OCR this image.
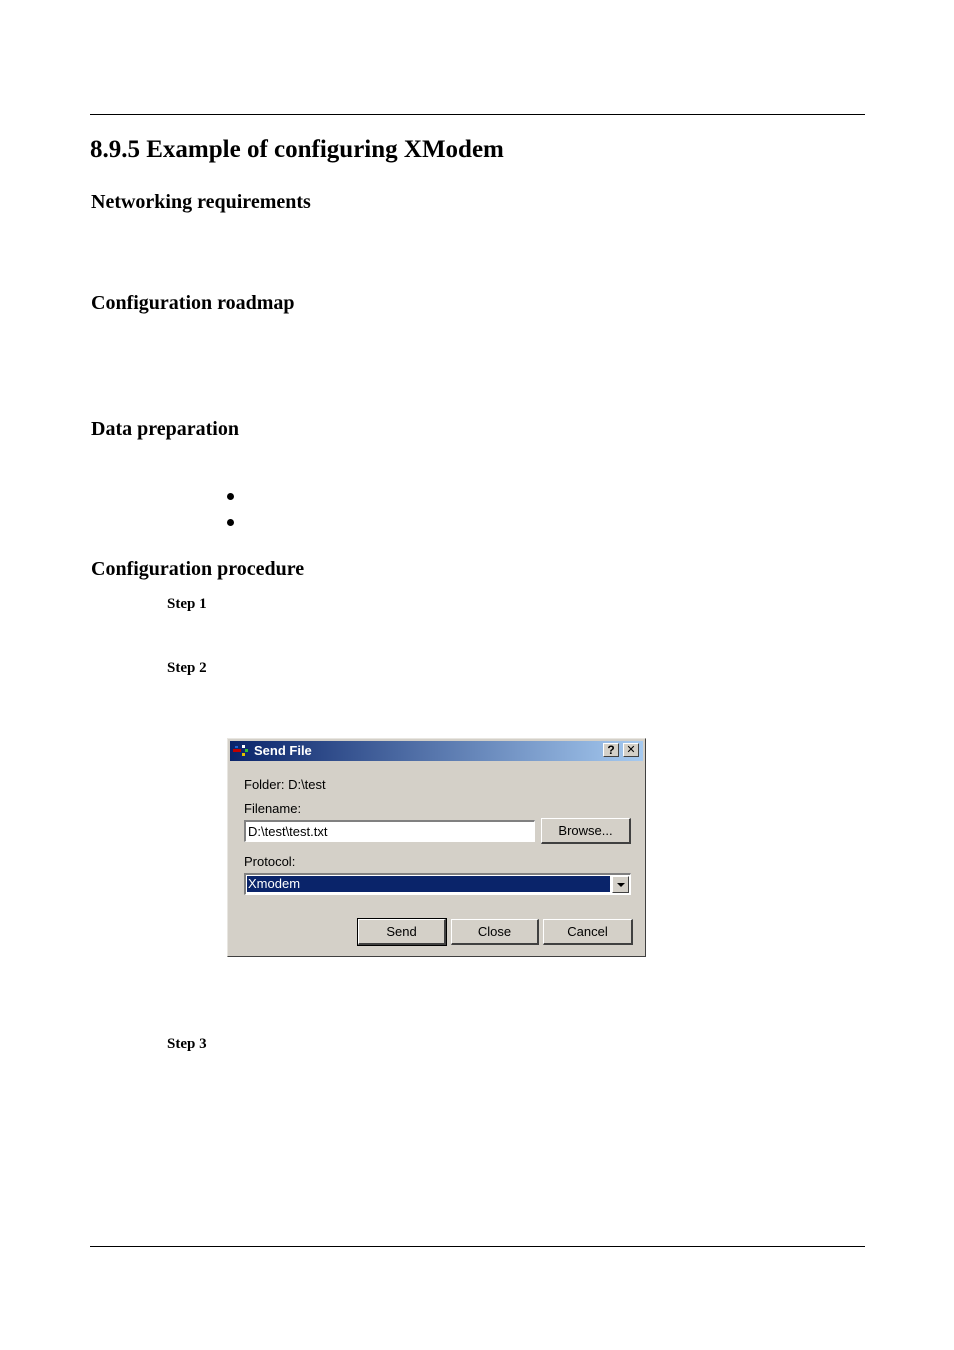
8.9.5 Example of configuring XModem
Networking requirements
Configuration roadmap
Data preparation
Configuration procedure
Step 1
Step 2
Send File	?	✕
Folder: D:\test
Filename:
D:\test\test.txt	Browse...
Protocol:
Xmodem
Send	Close	Cancel
Step 3
